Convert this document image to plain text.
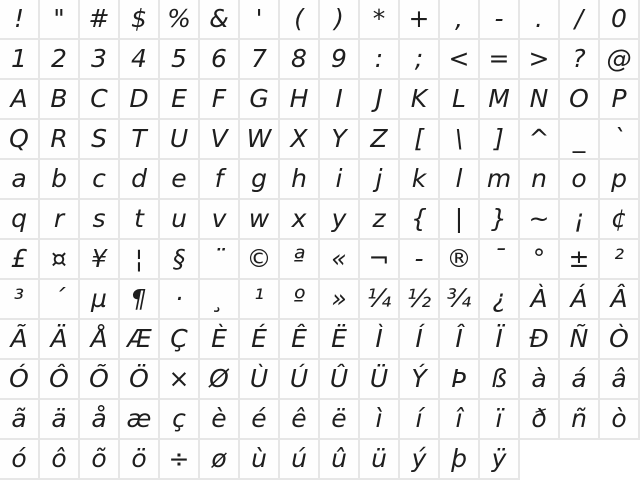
!	" # $ % &	'	(	)	* +	,	-	.	/	0
1 2 3 4 5 6 7 8 9	:	;	< = > ? @
A B C D E F G H	I	J	K L M N O P
Q R S T U V W X Y Z	[	\	] ^ _	`
a b	c	d e	f	g h	i	j	k	l m n o p
q	r	s	t	u v w x	y	z	{	|	} ~ ¡	¢
£ ¤ ¥	¦	§	¨ © ª	« ¬	- ® ¯	° ± ²
³	´	µ ¶	·	¸	¹	º	» ¼ ½ ¾ ¿ À Á Â
Ã Ä Å Æ Ç È É Ê Ë	Ì	Í	Î	Ï	Ð Ñ Ò
Ó Ô Õ Ö × Ø Ù Ú Û Ü Ý Þ ß à á â
ã ä å æ ç	è é ê ë	ì	í	î	ï	ð ñ ò
ó ô õ ö ÷ ø ù ú û ü ý þ ÿ
